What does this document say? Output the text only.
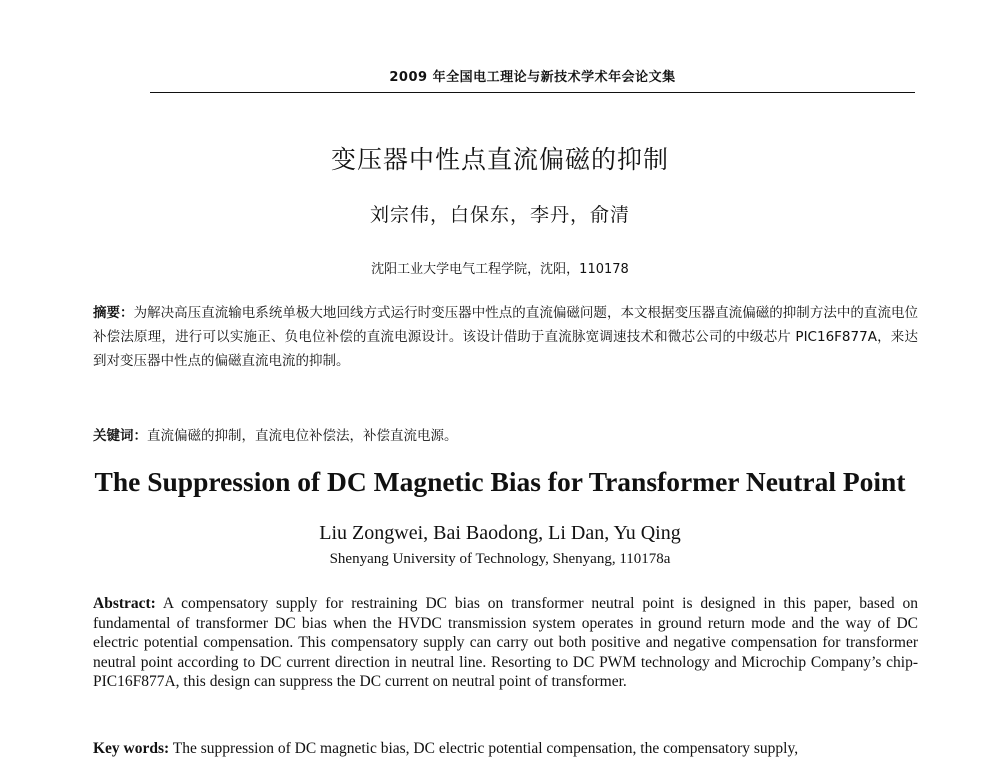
2009 年全国电工理论与新技术学术年会论文集
变压器中性点直流偏磁的抑制
刘宗伟，白保东，李丹，俞清
沈阳工业大学电气工程学院，沈阳，110178
摘要：为解决高压直流输电系统单极大地回线方式运行时变压器中性点的直流偏磁问题，本文根据变压器直流偏磁的抑制方法中的直流电位补偿法原理，进行可以实施正、负电位补偿的直流电源设计。该设计借助于直流脉宽调速技术和微芯公司的中级芯片 PIC16F877A，来达到对变压器中性点的偏磁直流电流的抑制。
关键词：直流偏磁的抑制，直流电位补偿法，补偿直流电源。
The Suppression of DC Magnetic Bias for Transformer Neutral Point
Liu Zongwei, Bai Baodong, Li Dan, Yu Qing
Shenyang University of Technology, Shenyang, 110178a
Abstract: A compensatory supply for restraining DC bias on transformer neutral point is designed in this paper, based on fundamental of transformer DC bias when the HVDC transmission system operates in ground return mode and the way of DC electric potential compensation. This compensatory supply can carry out both positive and negative compensation for transformer neutral point according to DC current direction in neutral line. Resorting to DC PWM technology and Microchip Company’s chip-PIC16F877A, this design can suppress the DC current on neutral point of transformer.
Key words: The suppression of DC magnetic bias, DC electric potential compensation, the compensatory supply,
